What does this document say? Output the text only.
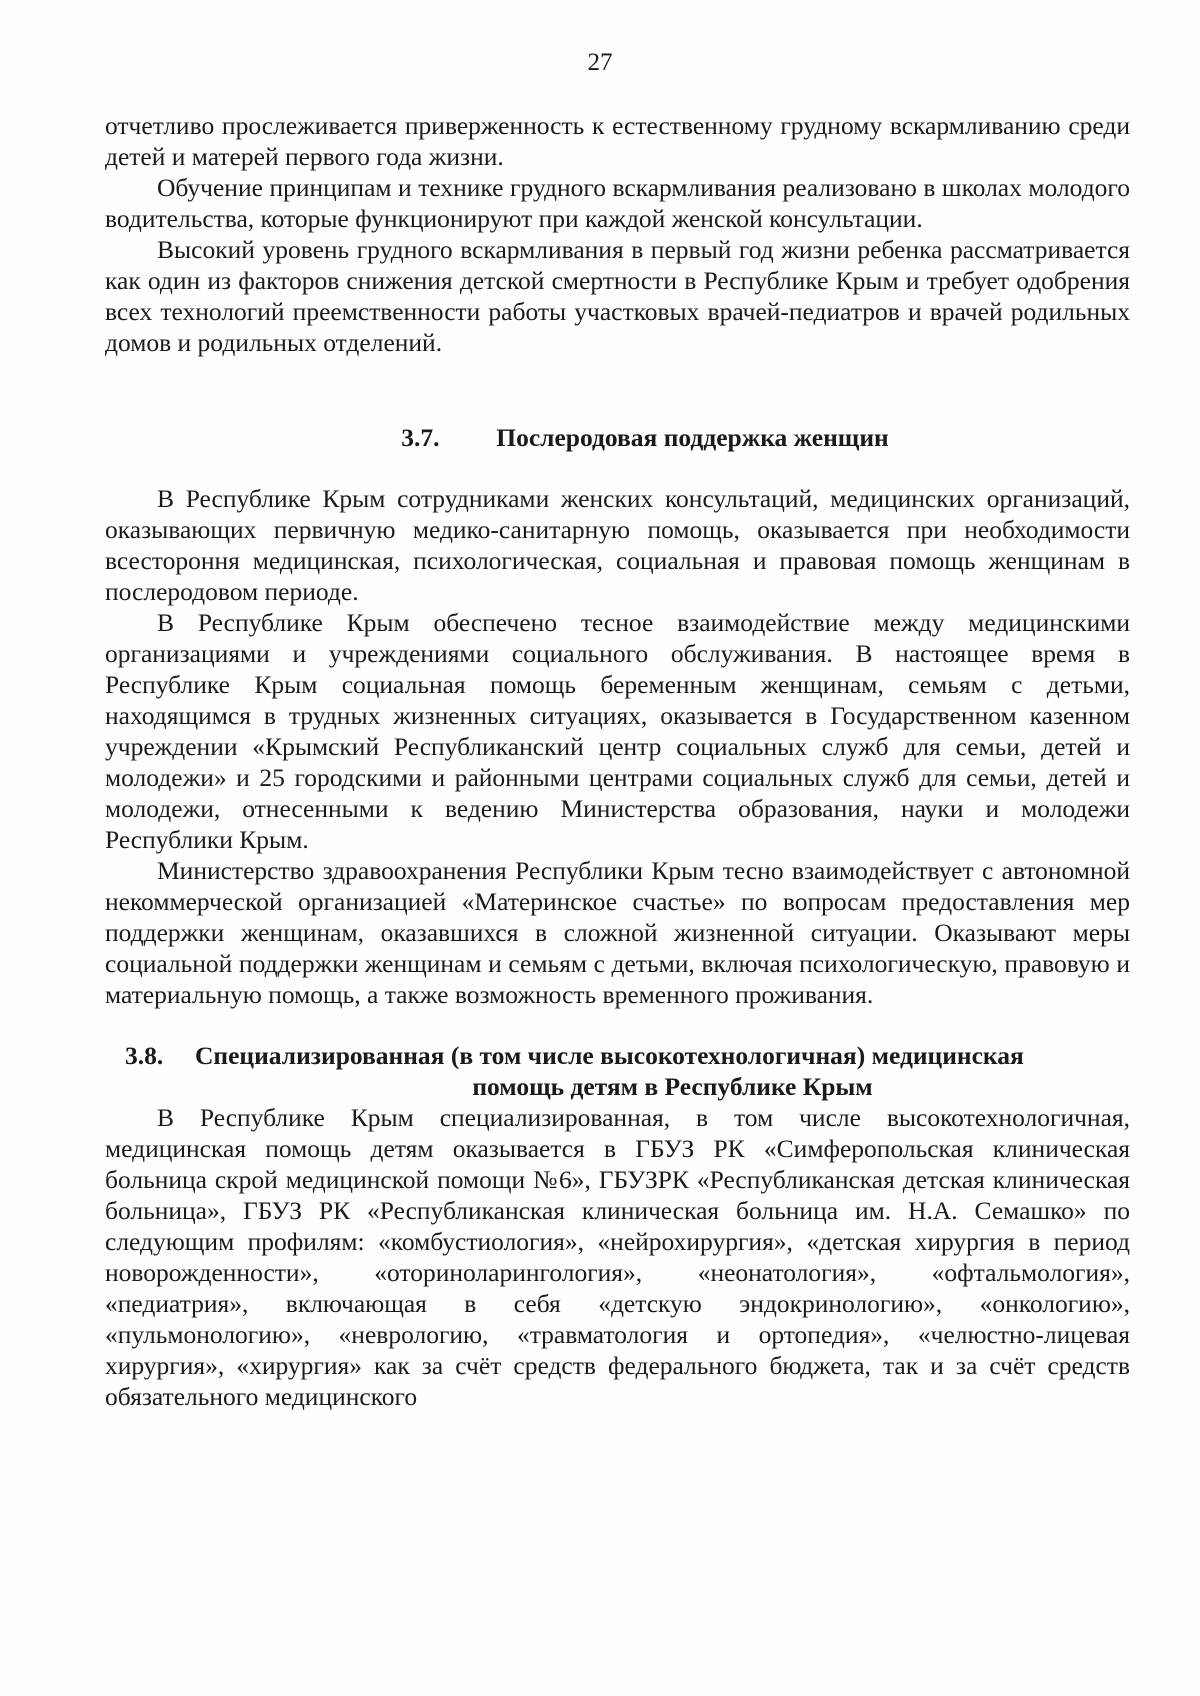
27

отчетливо прослеживается приверженность к естественному грудному вскармливанию среди детей и матерей первого года жизни.

Обучение принципам и технике грудного вскармливания реализовано в школах молодого водительства, которые функционируют при каждой женской консультации.

Высокий уровень грудного вскармливания в первый год жизни ребенка рассматривается как один из факторов снижения детской смертности в Республике Крым и требует одобрения всех технологий преемственности работы участковых врачей-педиатров и врачей родильных домов и родильных отделений.

3.7. Послеродовая поддержка женщин

В Республике Крым сотрудниками женских консультаций, медицинских организаций, оказывающих первичную медико-санитарную помощь, оказывается при необходимости всестороння медицинская, психологическая, социальная и правовая помощь женщинам в послеродовом периоде.

В Республике Крым обеспечено тесное взаимодействие между медицинскими организациями и учреждениями социального обслуживания. В настоящее время в Республике Крым социальная помощь беременным женщинам, семьям с детьми, находящимся в трудных жизненных ситуациях, оказывается в Государственном казенном учреждении «Крымский Республиканский центр социальных служб для семьи, детей и молодежи» и 25 городскими и районными центрами социальных служб для семьи, детей и молодежи, отнесенными к ведению Министерства образования, науки и молодежи Республики Крым.

Министерство здравоохранения Республики Крым тесно взаимодействует с автономной некоммерческой организацией «Материнское счастье» по вопросам предоставления мер поддержки женщинам, оказавшихся в сложной жизненной ситуации. Оказывают меры социальной поддержки женщинам и семьям с детьми, включая психологическую, правовую и материальную помощь, а также возможность временного проживания.

3.8. Специализированная (в том числе высокотехнологичная) медицинская
помощь детям в Республике Крым

В Республике Крым специализированная, в том числе высокотехнологичная, медицинская помощь детям оказывается в ГБУЗ РК «Симферопольская клиническая больница скрой медицинской помощи №6», ГБУЗРК «Республиканская детская клиническая больница», ГБУЗ РК «Республиканская клиническая больница им. Н.А. Семашко» по следующим профилям: «комбустиология», «нейрохирургия», «детская хирургия в период новорожденности», «оториноларингология», «неонатология», «офтальмология», «педиатрия», включающая в себя «детскую эндокринологию», «онкологию», «пульмонологию», «неврологию, «травматология и ортопедия», «челюстно-лицевая хирургия», «хирургия» как за счёт средств федерального бюджета, так и за счёт средств обязательного медицинского
